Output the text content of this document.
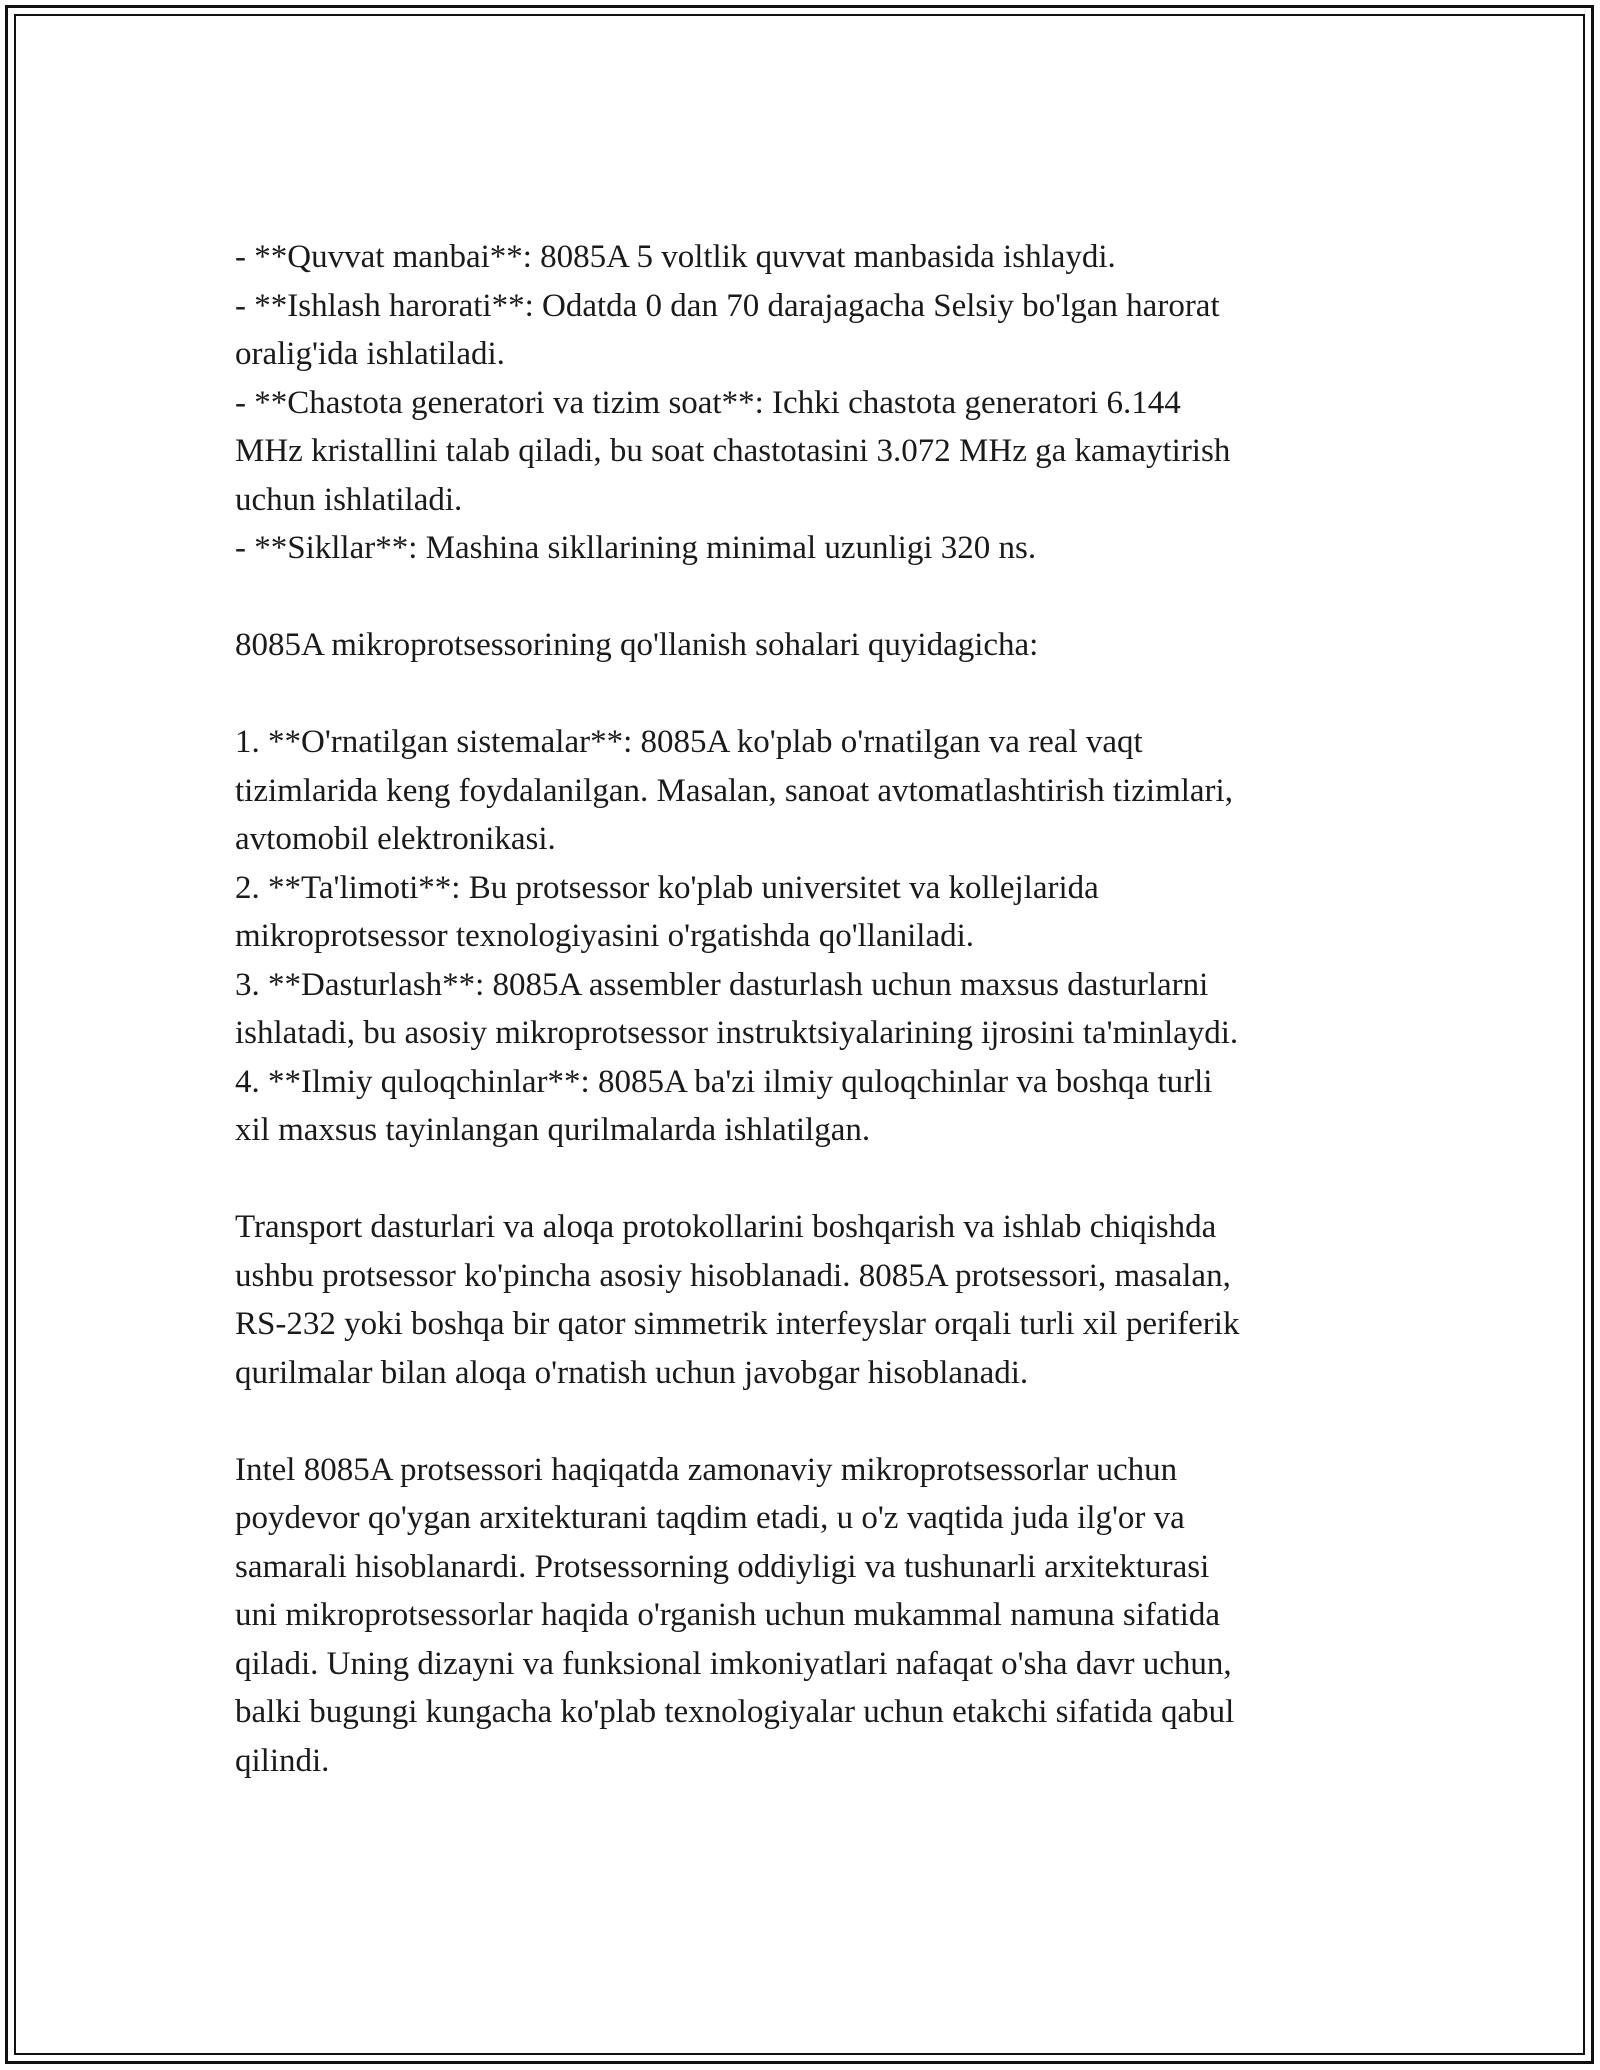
- **Quvvat manbai**: 8085A 5 voltlik quvvat manbasida ishlaydi.
- **Ishlash harorati**: Odatda 0 dan 70 darajagacha Selsiy bo'lgan harorat
oralig'ida ishlatiladi.
- **Chastota generatori va tizim soat**: Ichki chastota generatori 6.144
MHz kristallini talab qiladi, bu soat chastotasini 3.072 MHz ga kamaytirish
uchun ishlatiladi.
- **Sikllar**: Mashina sikllarining minimal uzunligi 320 ns.
8085A mikroprotsessorining qo'llanish sohalari quyidagicha:
1. **O'rnatilgan sistemalar**: 8085A ko'plab o'rnatilgan va real vaqt
tizimlarida keng foydalanilgan. Masalan, sanoat avtomatlashtirish tizimlari,
avtomobil elektronikasi.
2. **Ta'limoti**: Bu protsessor ko'plab universitet va kollejlarida
mikroprotsessor texnologiyasini o'rgatishda qo'llaniladi.
3. **Dasturlash**: 8085A assembler dasturlash uchun maxsus dasturlarni
ishlatadi, bu asosiy mikroprotsessor instruktsiyalarining ijrosini ta'minlaydi.
4. **Ilmiy quloqchinlar**: 8085A ba'zi ilmiy quloqchinlar va boshqa turli
xil maxsus tayinlangan qurilmalarda ishlatilgan.
Transport dasturlari va aloqa protokollarini boshqarish va ishlab chiqishda
ushbu protsessor ko'pincha asosiy hisoblanadi. 8085A protsessori, masalan,
RS-232 yoki boshqa bir qator simmetrik interfeyslar orqali turli xil periferik
qurilmalar bilan aloqa o'rnatish uchun javobgar hisoblanadi.
Intel 8085A protsessori haqiqatda zamonaviy mikroprotsessorlar uchun
poydevor qo'ygan arxitekturani taqdim etadi, u o'z vaqtida juda ilg'or va
samarali hisoblanardi. Protsessorning oddiyligi va tushunarli arxitekturasi
uni mikroprotsessorlar haqida o'rganish uchun mukammal namuna sifatida
qiladi. Uning dizayni va funksional imkoniyatlari nafaqat o'sha davr uchun,
balki bugungi kungacha ko'plab texnologiyalar uchun etakchi sifatida qabul
qilindi.
